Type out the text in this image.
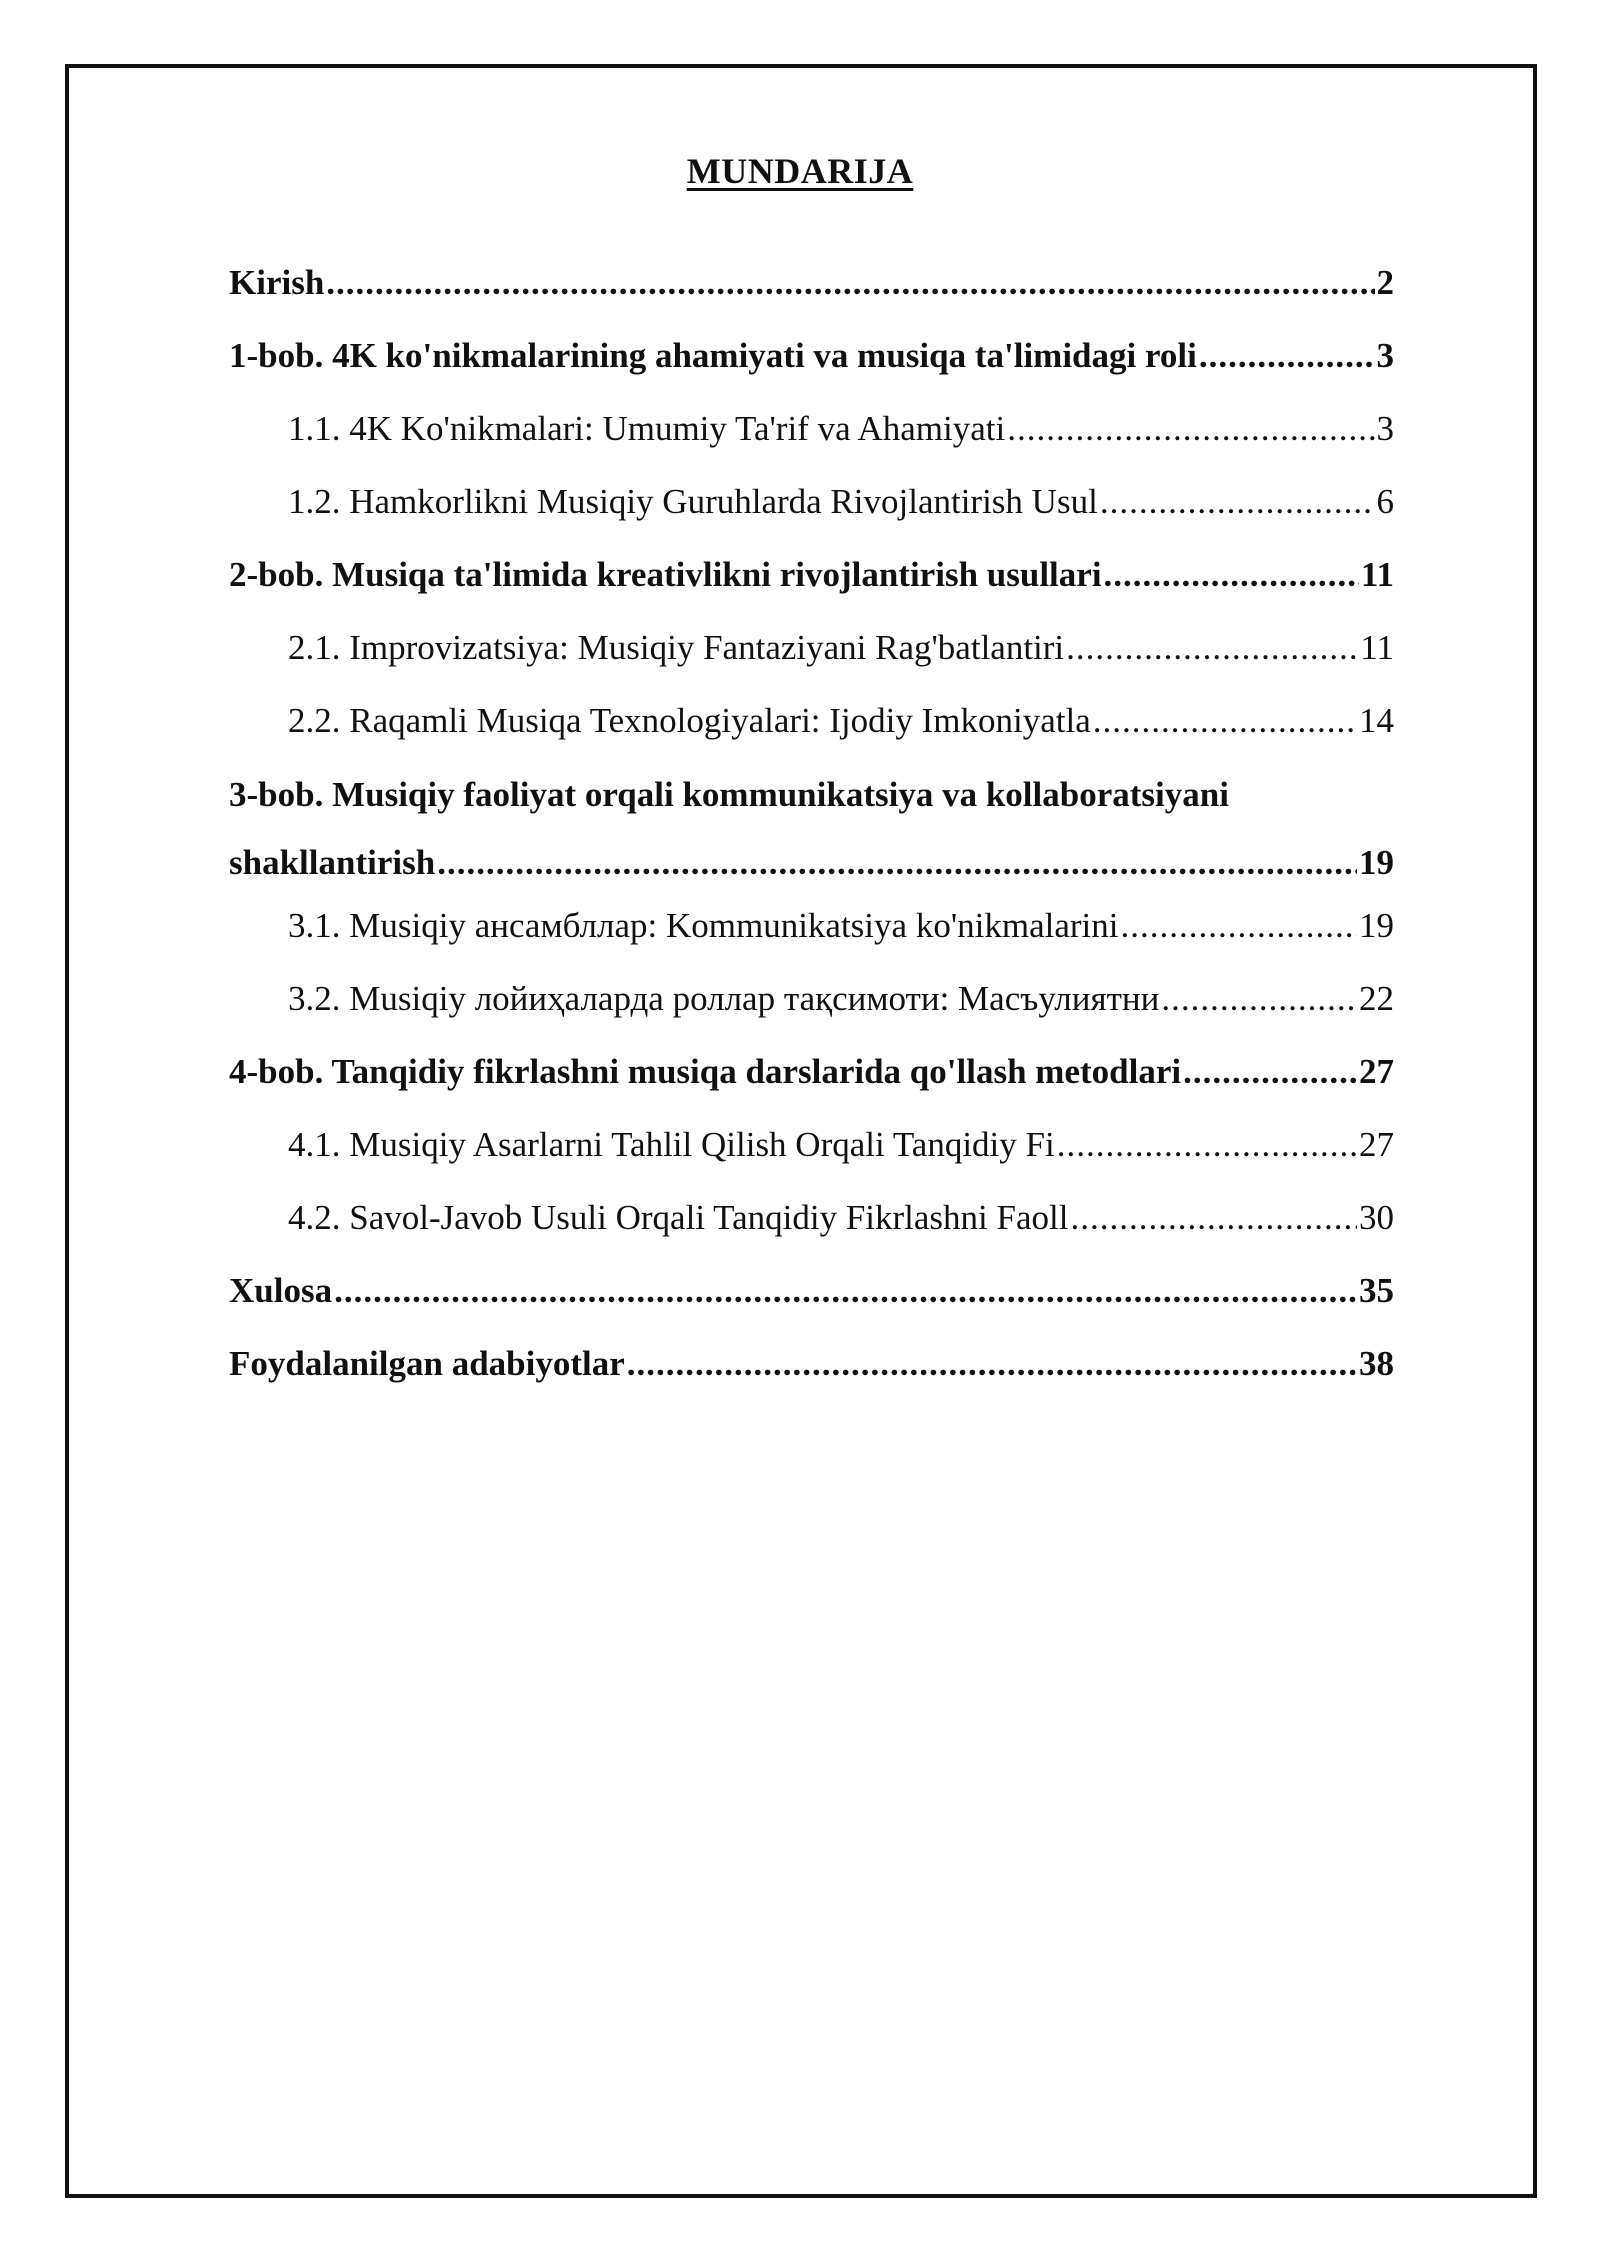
MUNDARIJA
Kirish .....	2
1-bob. 4K ko'nikmalarining ahamiyati va musiqa ta'limidagi roli .....	3
1.1. 4K Ko'nikmalari: Umumiy Ta'rif va Ahamiyati .....	3
1.2. Hamkorlikni Musiqiy Guruhlarda Rivojlantirish Usul .....	6
2-bob. Musiqa ta'limida kreativlikni rivojlantirish usullari .....	11
2.1. Improvizatsiya: Musiqiy Fantaziyani Rag'batlantiri .....	11
2.2. Raqamli Musiqa Texnologiyalari: Ijodiy Imkoniyatla .....	14
3-bob. Musiqiy faoliyat orqali kommunikatsiya va kollaboratsiyani
shakllantirish .....	19
3.1. Musiqiy ансамбллар: Kommunikatsiya ko'nikmalarini .....	19
3.2. Musiqiy лойиҳаларда роллар тақсимоти: Масъулиятни .....	22
4-bob. Tanqidiy fikrlashni musiqa darslarida qo'llash metodlari .....	27
4.1. Musiqiy Asarlarni Tahlil Qilish Orqali Tanqidiy Fi .....	27
4.2. Savol-Javob Usuli Orqali Tanqidiy Fikrlashni Faoll .....	30
Xulosa .....	35
Foydalanilgan adabiyotlar .....	38
